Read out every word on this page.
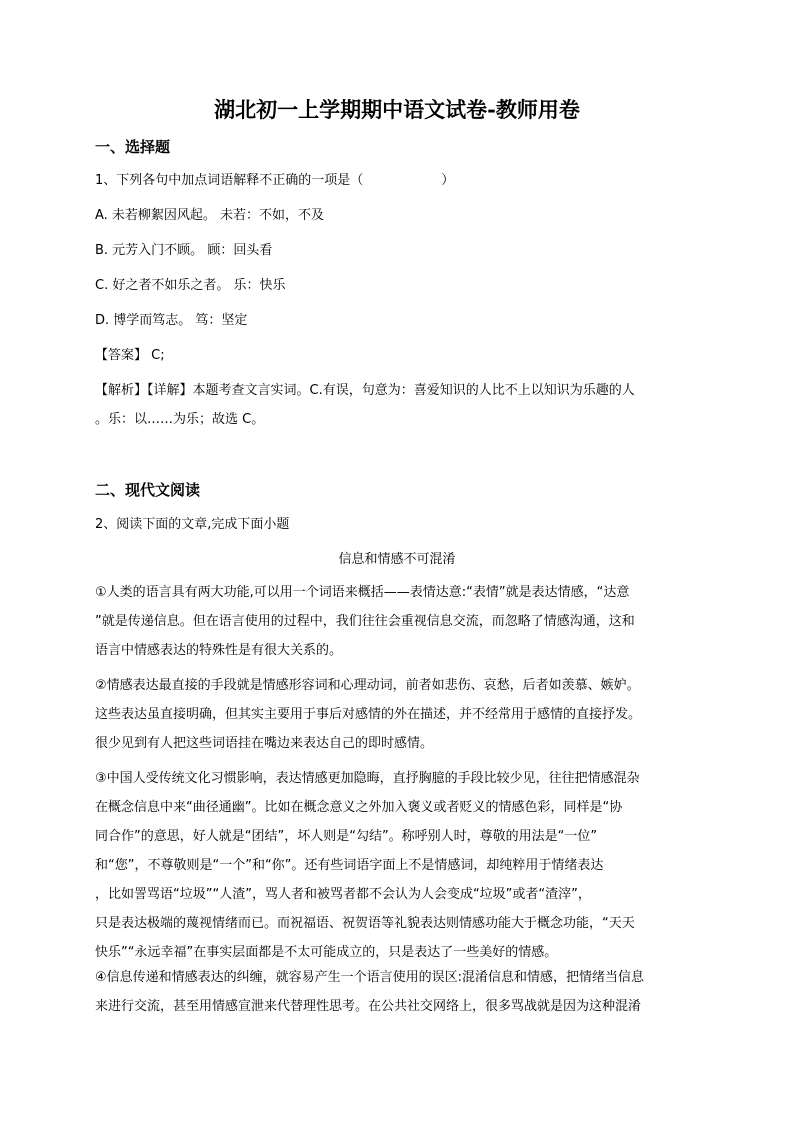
湖北初一上学期期中语文试卷-教师用卷
一、选择题
1、下列各句中加点词语解释不正确的一项是（　　　　　　）
A. 未若柳絮因风起。 未若：不如，不及
B. 元芳入门不顾。 顾：回头看
C. 好之者不如乐之者。 乐：快乐
D. 博学而笃志。 笃：坚定
【答案】 C;
【解析】【详解】本题考查文言实词。C.有误，句意为：喜爱知识的人比不上以知识为乐趣的人
。乐：以……为乐；故选 C。
二、现代文阅读
2、阅读下面的文章,完成下面小题
信息和情感不可混淆
①人类的语言具有两大功能,可以用一个词语来概括——表情达意:“表情”就是表达情感，“达意
”就是传递信息。但在语言使用的过程中，我们往往会重视信息交流，而忽略了情感沟通，这和
语言中情感表达的特殊性是有很大关系的。
②情感表达最直接的手段就是情感形容词和心理动词，前者如悲伤、哀愁，后者如羡慕、嫉妒。
这些表达虽直接明确，但其实主要用于事后对感情的外在描述，并不经常用于感情的直接抒发。
很少见到有人把这些词语挂在嘴边来表达自己的即时感情。
③中国人受传统文化习惯影响，表达情感更加隐晦，直抒胸臆的手段比较少见，往往把情感混杂
在概念信息中来“曲径通幽”。比如在概念意义之外加入褒义或者贬义的情感色彩，同样是“协
同合作”的意思，好人就是“团结”，坏人则是“勾结”。称呼别人时，尊敬的用法是“一位”
和“您”，不尊敬则是“一个”和“你”。还有些词语字面上不是情感词，却纯粹用于情绪表达
，比如詈骂语“垃圾”“人渣”，骂人者和被骂者都不会认为人会变成“垃圾”或者“渣滓”，
只是表达极端的蔑视情绪而已。而祝福语、祝贺语等礼貌表达则情感功能大于概念功能，“天天
快乐”“永远幸福”在事实层面都是不太可能成立的，只是表达了一些美好的情感。
④信息传递和情感表达的纠缠，就容易产生一个语言使用的误区:混淆信息和情感，把情绪当信息
来进行交流，甚至用情感宣泄来代替理性思考。在公共社交网络上，很多骂战就是因为这种混淆
